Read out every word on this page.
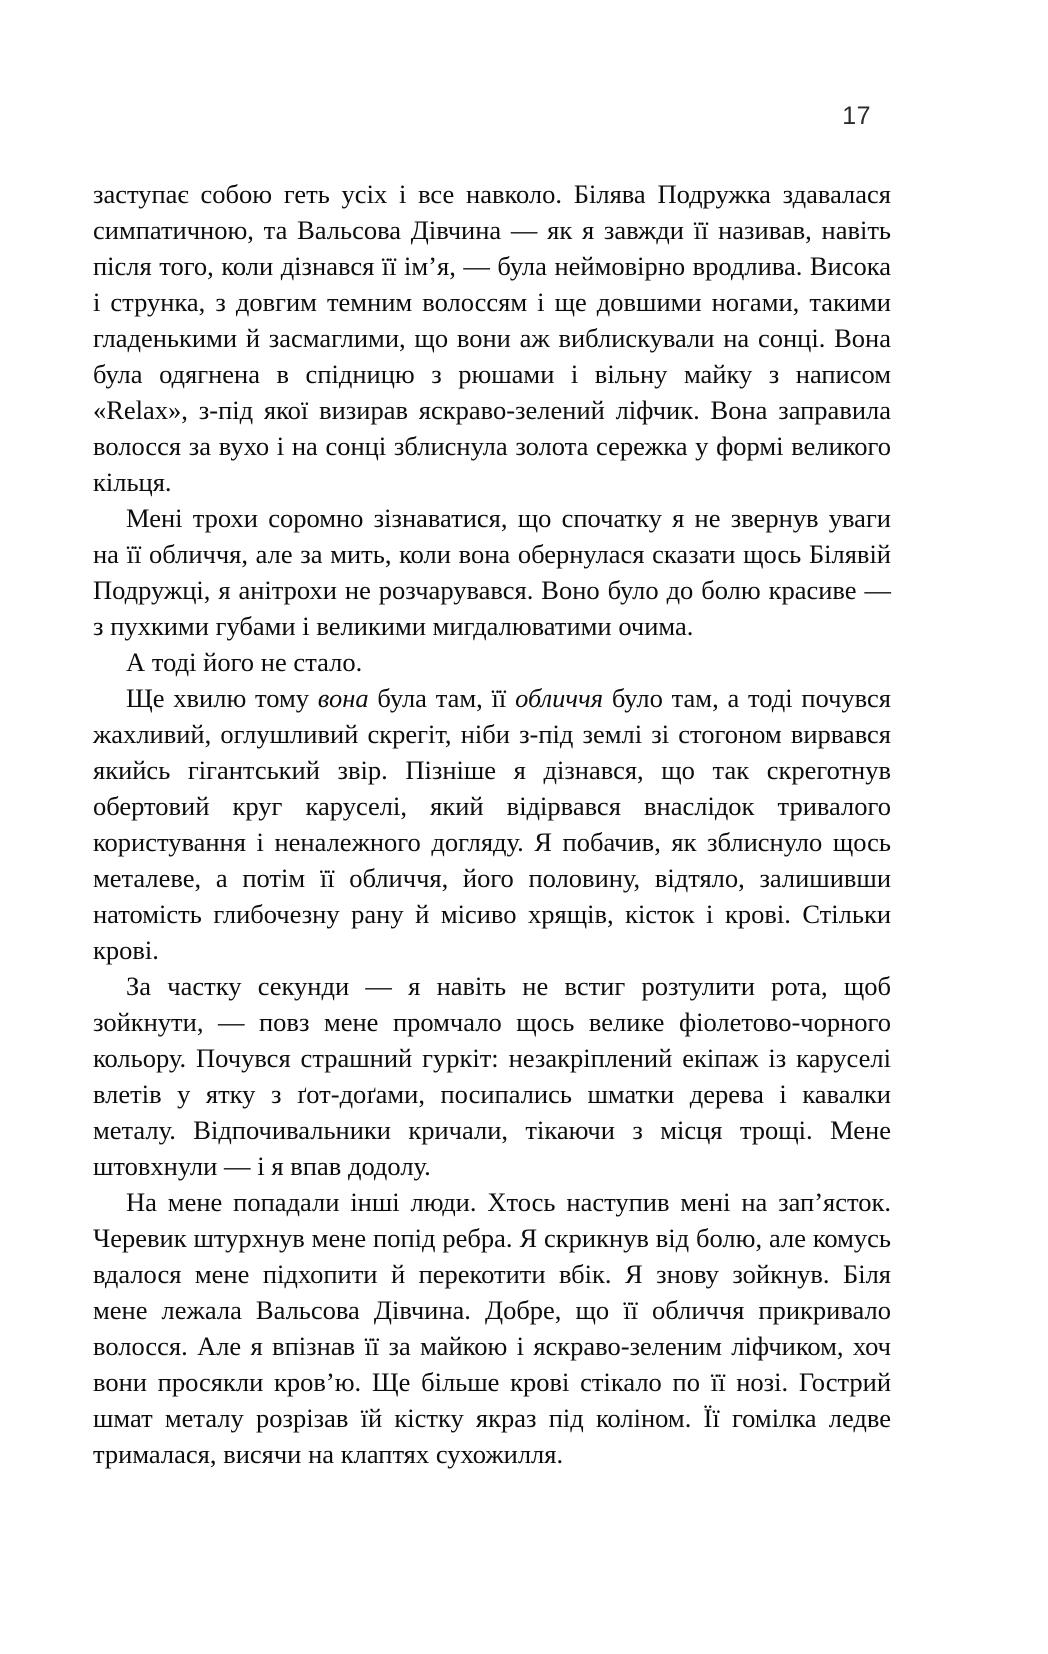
17

заступає собою геть усіх і все навколо. Білява Подружка здавалася симпатичною, та Вальсова Дівчина — як я завжди її називав, навіть після того, коли дізнався її ім’я, — була неймовірно вродлива. Висока і струнка, з довгим темним волоссям і ще довшими ногами, такими гладенькими й засмаглими, що вони аж виблискували на сонці. Вона була одягнена в спідницю з рюшами і вільну майку з написом «Relax», з-під якої визирав яскраво-зелений ліфчик. Вона заправила волосся за вухо і на сонці зблиснула золота сережка у формі великого кільця.

Мені трохи соромно зізнаватися, що спочатку я не звернув уваги на її обличчя, але за мить, коли вона обернулася сказати щось Білявій Подружці, я анітрохи не розчарувався. Воно було до болю красиве — з пухкими губами і великими мигдалюватими очима.

А тоді його не стало.

Ще хвилю тому вона була там, її обличчя було там, а тоді почувся жахливий, оглушливий скрегіт, ніби з-під землі зі стогоном вирвався якийсь гігантський звір. Пізніше я дізнався, що так скреготнув обертовий круг каруселі, який відірвався внаслідок тривалого користування і неналежного догляду. Я побачив, як зблиснуло щось металеве, а потім її обличчя, його половину, відтяло, залишивши натомість глибочезну рану й місиво хрящів, кісток і крові. Стільки крові.

За частку секунди — я навіть не встиг розтулити рота, щоб зойкнути, — повз мене промчало щось велике фіолетово-чорного кольору. Почувся страшний гуркіт: незакріплений екіпаж із каруселі влетів у ятку з ґот-доґами, посипались шматки дерева і кавалки металу. Відпочивальники кричали, тікаючи з місця трощі. Мене штовхнули — і я впав додолу.

На мене попадали інші люди. Хтось наступив мені на зап’ясток. Черевик штурхнув мене попід ребра. Я скрикнув від болю, але комусь вдалося мене підхопити й перекотити вбік. Я знову зойкнув. Біля мене лежала Вальсова Дівчина. Добре, що її обличчя прикривало волосся. Але я впізнав її за майкою і яскраво-зеленим ліфчиком, хоч вони просякли кров’ю. Ще більше крові стікало по її нозі. Гострий шмат металу розрізав їй кістку якраз під коліном. Її гомілка ледве трималася, висячи на клаптях сухожилля.
